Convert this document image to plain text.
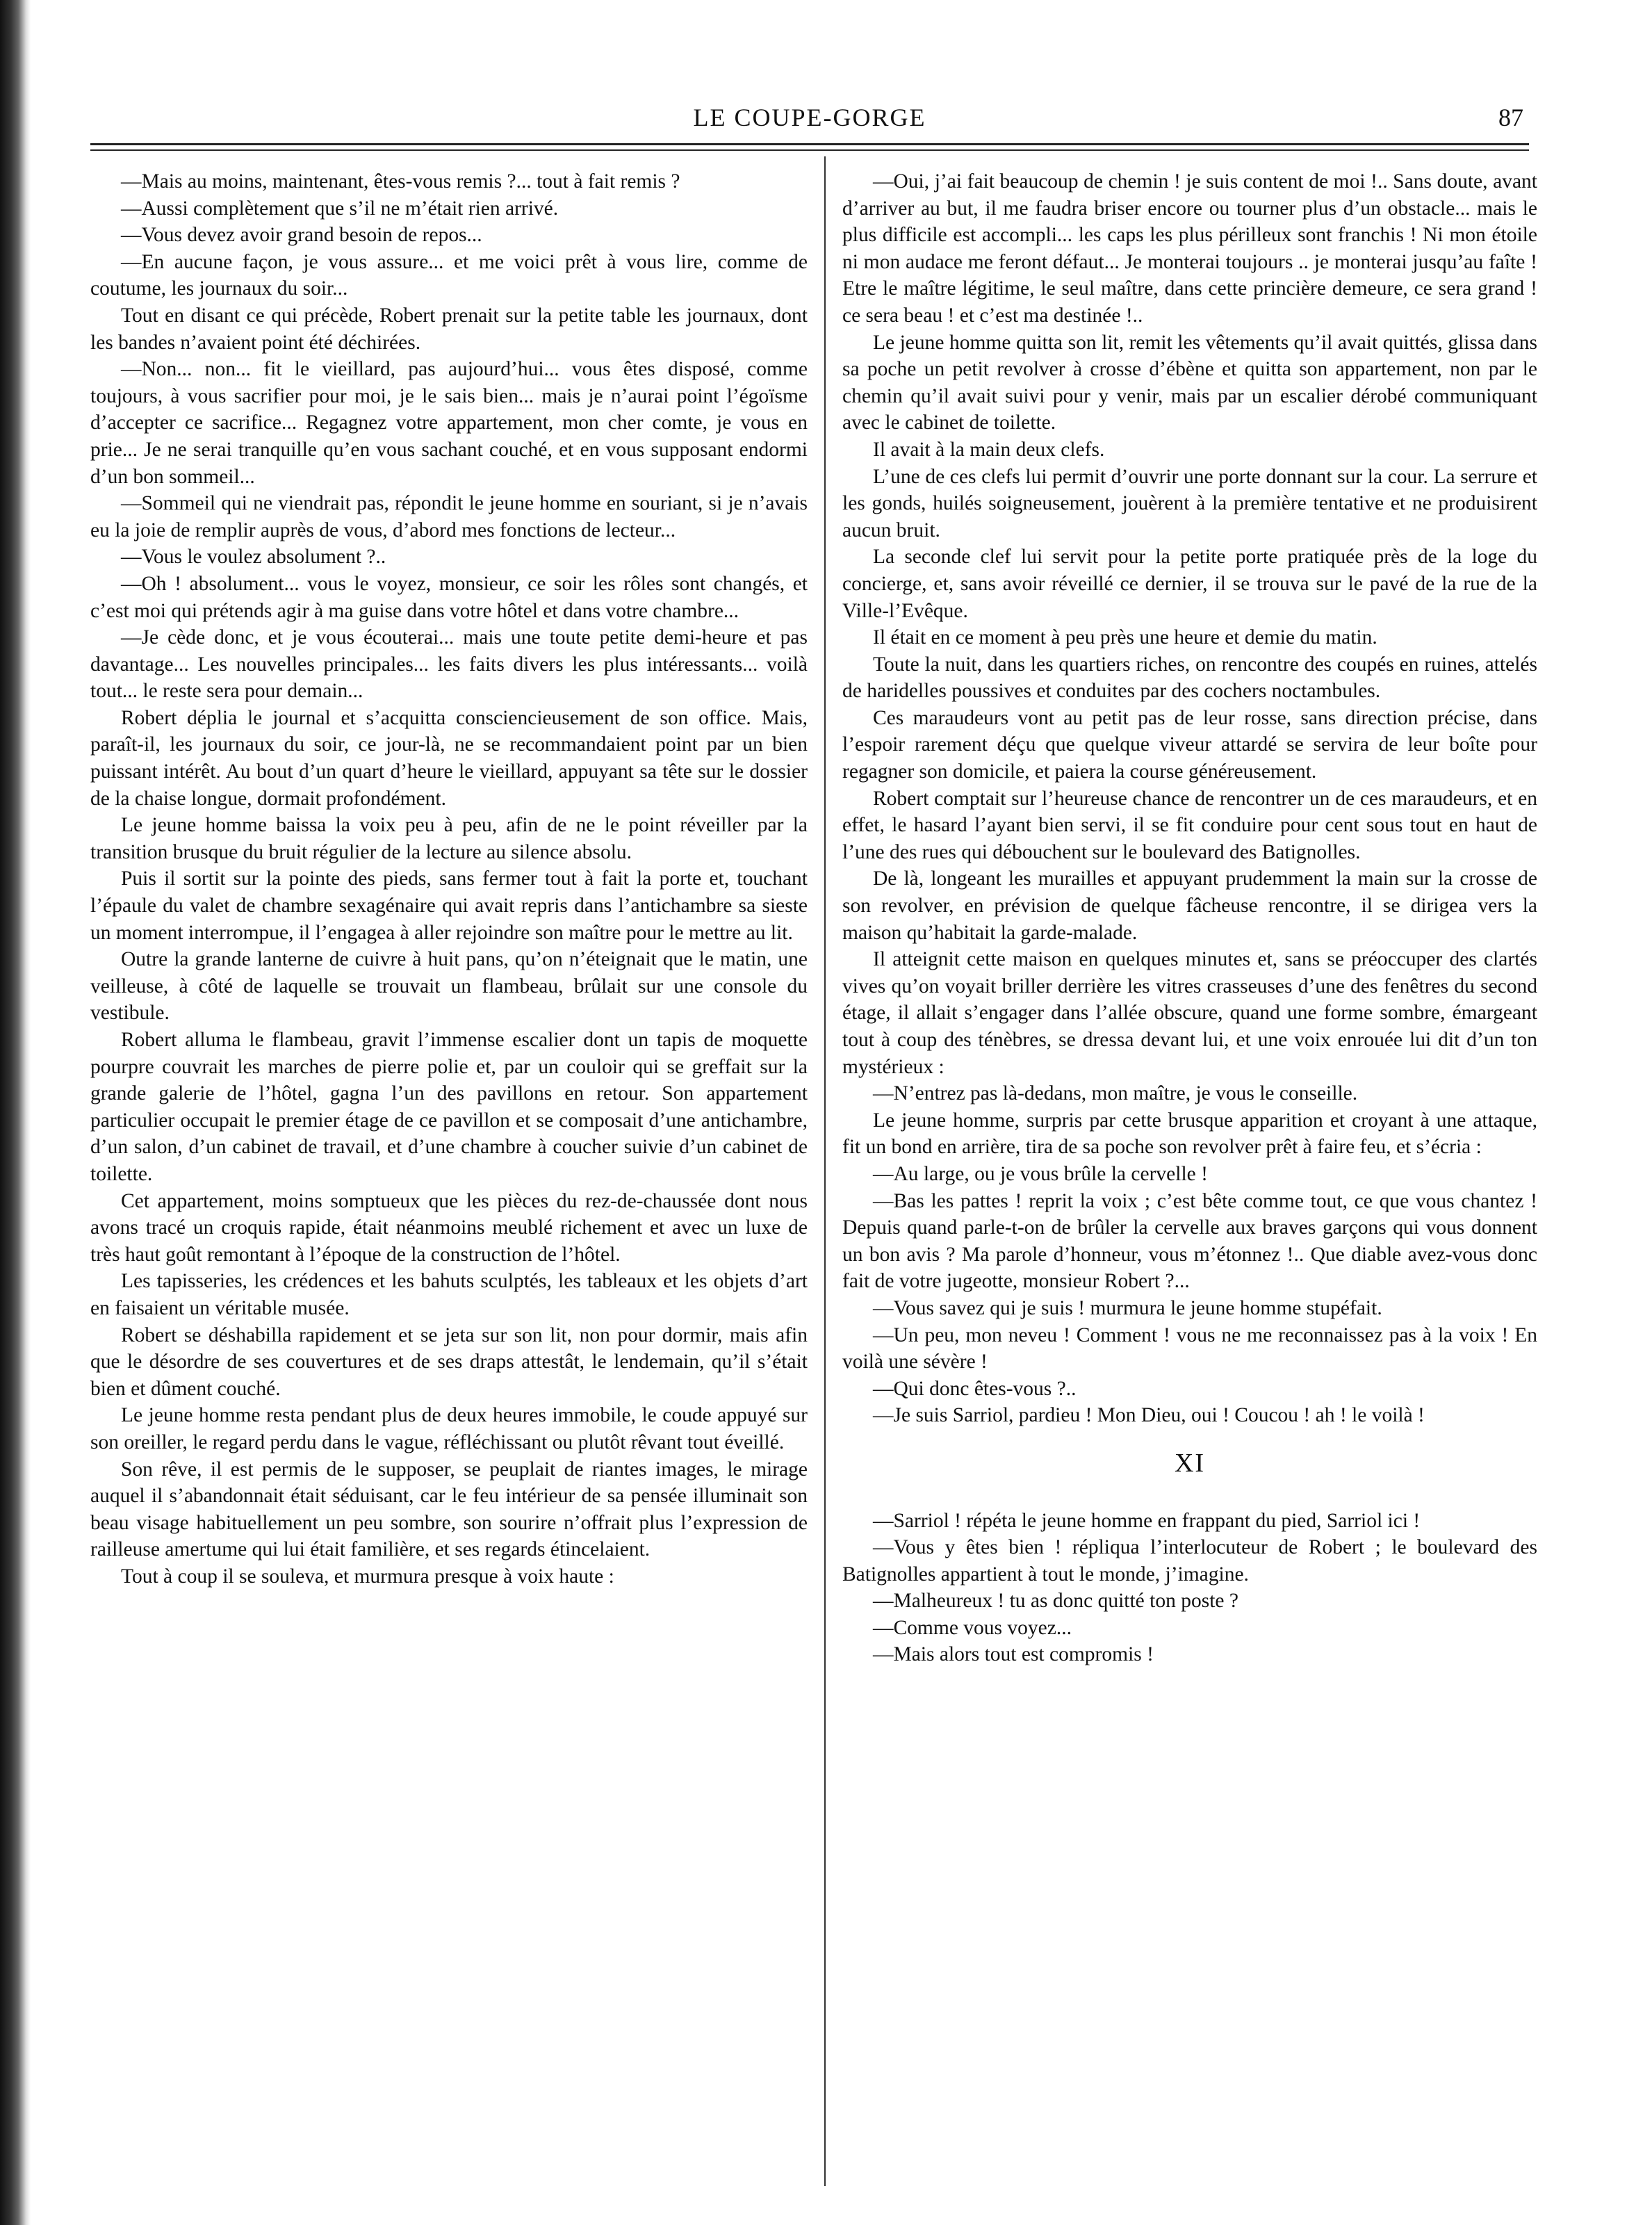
LE COUPE-GORGE	87

—Mais au moins, maintenant, êtes-vous remis ?... tout à fait remis ?

—Aussi complètement que s’il ne m’était rien arrivé.

—Vous devez avoir grand besoin de repos...

—En aucune façon, je vous assure... et me voici prêt à vous lire, comme de coutume, les journaux du soir...

Tout en disant ce qui précède, Robert prenait sur la petite table les journaux, dont les bandes n’avaient point été déchirées.

—Non... non... fit le vieillard, pas aujourd’hui... vous êtes disposé, comme toujours, à vous sacrifier pour moi, je le sais bien... mais je n’aurai point l’égoïsme d’accepter ce sacrifice... Regagnez votre appartement, mon cher comte, je vous en prie... Je ne serai tranquille qu’en vous sachant couché, et en vous supposant endormi d’un bon sommeil...

—Sommeil qui ne viendrait pas, répondit le jeune homme en souriant, si je n’avais eu la joie de remplir auprès de vous, d’abord mes fonctions de lecteur...

—Vous le voulez absolument ?..

—Oh ! absolument... vous le voyez, monsieur, ce soir les rôles sont changés, et c’est moi qui prétends agir à ma guise dans votre hôtel et dans votre chambre...

—Je cède donc, et je vous écouterai... mais une toute petite demi-heure et pas davantage... Les nouvelles principales... les faits divers les plus intéressants... voilà tout... le reste sera pour demain...

Robert déplia le journal et s’acquitta consciencieusement de son office. Mais, paraît-il, les journaux du soir, ce jour-là, ne se recommandaient point par un bien puissant intérêt. Au bout d’un quart d’heure le vieillard, appuyant sa tête sur le dossier de la chaise longue, dormait profondément.

Le jeune homme baissa la voix peu à peu, afin de ne le point réveiller par la transition brusque du bruit régulier de la lecture au silence absolu.

Puis il sortit sur la pointe des pieds, sans fermer tout à fait la porte et, touchant l’épaule du valet de chambre sexagénaire qui avait repris dans l’antichambre sa sieste un moment interrompue, il l’engagea à aller rejoindre son maître pour le mettre au lit.

Outre la grande lanterne de cuivre à huit pans, qu’on n’éteignait que le matin, une veilleuse, à côté de laquelle se trouvait un flambeau, brûlait sur une console du vestibule.

Robert alluma le flambeau, gravit l’immense escalier dont un tapis de moquette pourpre couvrait les marches de pierre polie et, par un couloir qui se greffait sur la grande galerie de l’hôtel, gagna l’un des pavillons en retour. Son appartement particulier occupait le premier étage de ce pavillon et se composait d’une antichambre, d’un salon, d’un cabinet de travail, et d’une chambre à coucher suivie d’un cabinet de toilette.

Cet appartement, moins somptueux que les pièces du rez-de-chaussée dont nous avons tracé un croquis rapide, était néanmoins meublé richement et avec un luxe de très haut goût remontant à l’époque de la construction de l’hôtel.

Les tapisseries, les crédences et les bahuts sculptés, les tableaux et les objets d’art en faisaient un véritable musée.

Robert se déshabilla rapidement et se jeta sur son lit, non pour dormir, mais afin que le désordre de ses couvertures et de ses draps attestât, le lendemain, qu’il s’était bien et dûment couché.

Le jeune homme resta pendant plus de deux heures immobile, le coude appuyé sur son oreiller, le regard perdu dans le vague, réfléchissant ou plutôt rêvant tout éveillé.

Son rêve, il est permis de le supposer, se peuplait de riantes images, le mirage auquel il s’abandonnait était séduisant, car le feu intérieur de sa pensée illuminait son beau visage habituellement un peu sombre, son sourire n’offrait plus l’expression de railleuse amertume qui lui était familière, et ses regards étincelaient.

Tout à coup il se souleva, et murmura presque à voix haute :

—Oui, j’ai fait beaucoup de chemin ! je suis content de moi !.. Sans doute, avant d’arriver au but, il me faudra briser encore ou tourner plus d’un obstacle... mais le plus difficile est accompli... les caps les plus périlleux sont franchis ! Ni mon étoile ni mon audace me feront défaut... Je monterai toujours .. je monterai jusqu’au faîte ! Etre le maître légitime, le seul maître, dans cette princière demeure, ce sera grand ! ce sera beau ! et c’est ma destinée !..

Le jeune homme quitta son lit, remit les vêtements qu’il avait quittés, glissa dans sa poche un petit revolver à crosse d’ébène et quitta son appartement, non par le chemin qu’il avait suivi pour y venir, mais par un escalier dérobé communiquant avec le cabinet de toilette.

Il avait à la main deux clefs.

L’une de ces clefs lui permit d’ouvrir une porte donnant sur la cour. La serrure et les gonds, huilés soigneusement, jouèrent à la première tentative et ne produisirent aucun bruit.

La seconde clef lui servit pour la petite porte pratiquée près de la loge du concierge, et, sans avoir réveillé ce dernier, il se trouva sur le pavé de la rue de la Ville-l’Evêque.

Il était en ce moment à peu près une heure et demie du matin.

Toute la nuit, dans les quartiers riches, on rencontre des coupés en ruines, attelés de haridelles poussives et conduites par des cochers noctambules.

Ces maraudeurs vont au petit pas de leur rosse, sans direction précise, dans l’espoir rarement déçu que quelque viveur attardé se servira de leur boîte pour regagner son domicile, et paiera la course généreusement.

Robert comptait sur l’heureuse chance de rencontrer un de ces maraudeurs, et en effet, le hasard l’ayant bien servi, il se fit conduire pour cent sous tout en haut de l’une des rues qui débouchent sur le boulevard des Batignolles.

De là, longeant les murailles et appuyant prudemment la main sur la crosse de son revolver, en prévision de quelque fâcheuse rencontre, il se dirigea vers la maison qu’habitait la garde-malade.

Il atteignit cette maison en quelques minutes et, sans se préoccuper des clartés vives qu’on voyait briller derrière les vitres crasseuses d’une des fenêtres du second étage, il allait s’engager dans l’allée obscure, quand une forme sombre, émargeant tout à coup des ténèbres, se dressa devant lui, et une voix enrouée lui dit d’un ton mystérieux :

—N’entrez pas là-dedans, mon maître, je vous le conseille.

Le jeune homme, surpris par cette brusque apparition et croyant à une attaque, fit un bond en arrière, tira de sa poche son revolver prêt à faire feu, et s’écria :

—Au large, ou je vous brûle la cervelle !

—Bas les pattes ! reprit la voix ; c’est bête comme tout, ce que vous chantez ! Depuis quand parle-t-on de brûler la cervelle aux braves garçons qui vous donnent un bon avis ? Ma parole d’honneur, vous m’étonnez !.. Que diable avez-vous donc fait de votre jugeotte, monsieur Robert ?...

—Vous savez qui je suis ! murmura le jeune homme stupéfait.

—Un peu, mon neveu ! Comment ! vous ne me reconnaissez pas à la voix ! En voilà une sévère !

—Qui donc êtes-vous ?..

—Je suis Sarriol, pardieu ! Mon Dieu, oui ! Coucou ! ah ! le voilà !

XI

—Sarriol ! répéta le jeune homme en frappant du pied, Sarriol ici !

—Vous y êtes bien ! répliqua l’interlocuteur de Robert ; le boulevard des Batignolles appartient à tout le monde, j’imagine.

—Malheureux ! tu as donc quitté ton poste ?

—Comme vous voyez...

—Mais alors tout est compromis !
